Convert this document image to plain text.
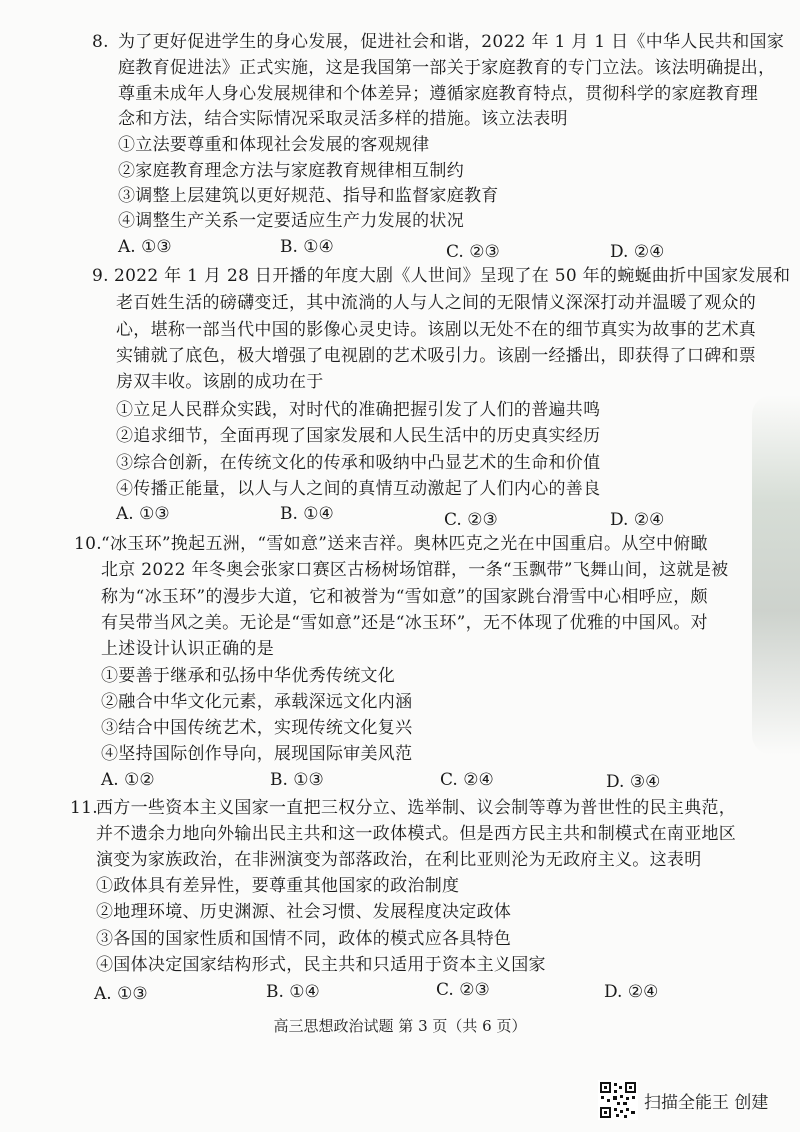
8. 为了更好促进学生的身心发展，促进社会和谐，2022 年 1 月 1 日《中华人民共和国家
庭教育促进法》正式实施，这是我国第一部关于家庭教育的专门立法。该法明确提出，
尊重未成年人身心发展规律和个体差异；遵循家庭教育特点，贯彻科学的家庭教育理
念和方法，结合实际情况采取灵活多样的措施。该立法表明
①立法要尊重和体现社会发展的客观规律
②家庭教育理念方法与家庭教育规律相互制约
③调整上层建筑以更好规范、指导和监督家庭教育
④调整生产关系一定要适应生产力发展的状况
A. ①③	B. ①④	C. ②③	D. ②④
9. 2022 年 1 月 28 日开播的年度大剧《人世间》呈现了在 50 年的蜿蜒曲折中国家发展和
老百姓生活的磅礴变迁，其中流淌的人与人之间的无限情义深深打动并温暖了观众的
心，堪称一部当代中国的影像心灵史诗。该剧以无处不在的细节真实为故事的艺术真
实铺就了底色，极大增强了电视剧的艺术吸引力。该剧一经播出，即获得了口碑和票
房双丰收。该剧的成功在于
①立足人民群众实践，对时代的准确把握引发了人们的普遍共鸣
②追求细节，全面再现了国家发展和人民生活中的历史真实经历
③综合创新，在传统文化的传承和吸纳中凸显艺术的生命和价值
④传播正能量，以人与人之间的真情互动激起了人们内心的善良
A. ①③	B. ①④	C. ②③	D. ②④
10. “冰玉环”挽起五洲，“雪如意”送来吉祥。奥林匹克之光在中国重启。从空中俯瞰
北京 2022 年冬奥会张家口赛区古杨树场馆群，一条“玉飘带”飞舞山间，这就是被
称为“冰玉环”的漫步大道，它和被誉为“雪如意”的国家跳台滑雪中心相呼应，颇
有吴带当风之美。无论是“雪如意”还是“冰玉环”，无不体现了优雅的中国风。对
上述设计认识正确的是
①要善于继承和弘扬中华优秀传统文化
②融合中华文化元素，承载深远文化内涵
③结合中国传统艺术，实现传统文化复兴
④坚持国际创作导向，展现国际审美风范
A. ①②	B. ①③	C. ②④	D. ③④
11.
西方一些资本主义国家一直把三权分立、选举制、议会制等尊为普世性的民主典范，
并不遗余力地向外输出民主共和这一政体模式。但是西方民主共和制模式在南亚地区
演变为家族政治，在非洲演变为部落政治，在利比亚则沦为无政府主义。这表明
①政体具有差异性，要尊重其他国家的政治制度
②地理环境、历史渊源、社会习惯、发展程度决定政体
③各国的国家性质和国情不同，政体的模式应各具特色
④国体决定国家结构形式，民主共和只适用于资本主义国家
A. ①③	B. ①④	C. ②③	D. ②④
高三思想政治试题 第 3 页（共 6 页）
扫描全能王 创建
